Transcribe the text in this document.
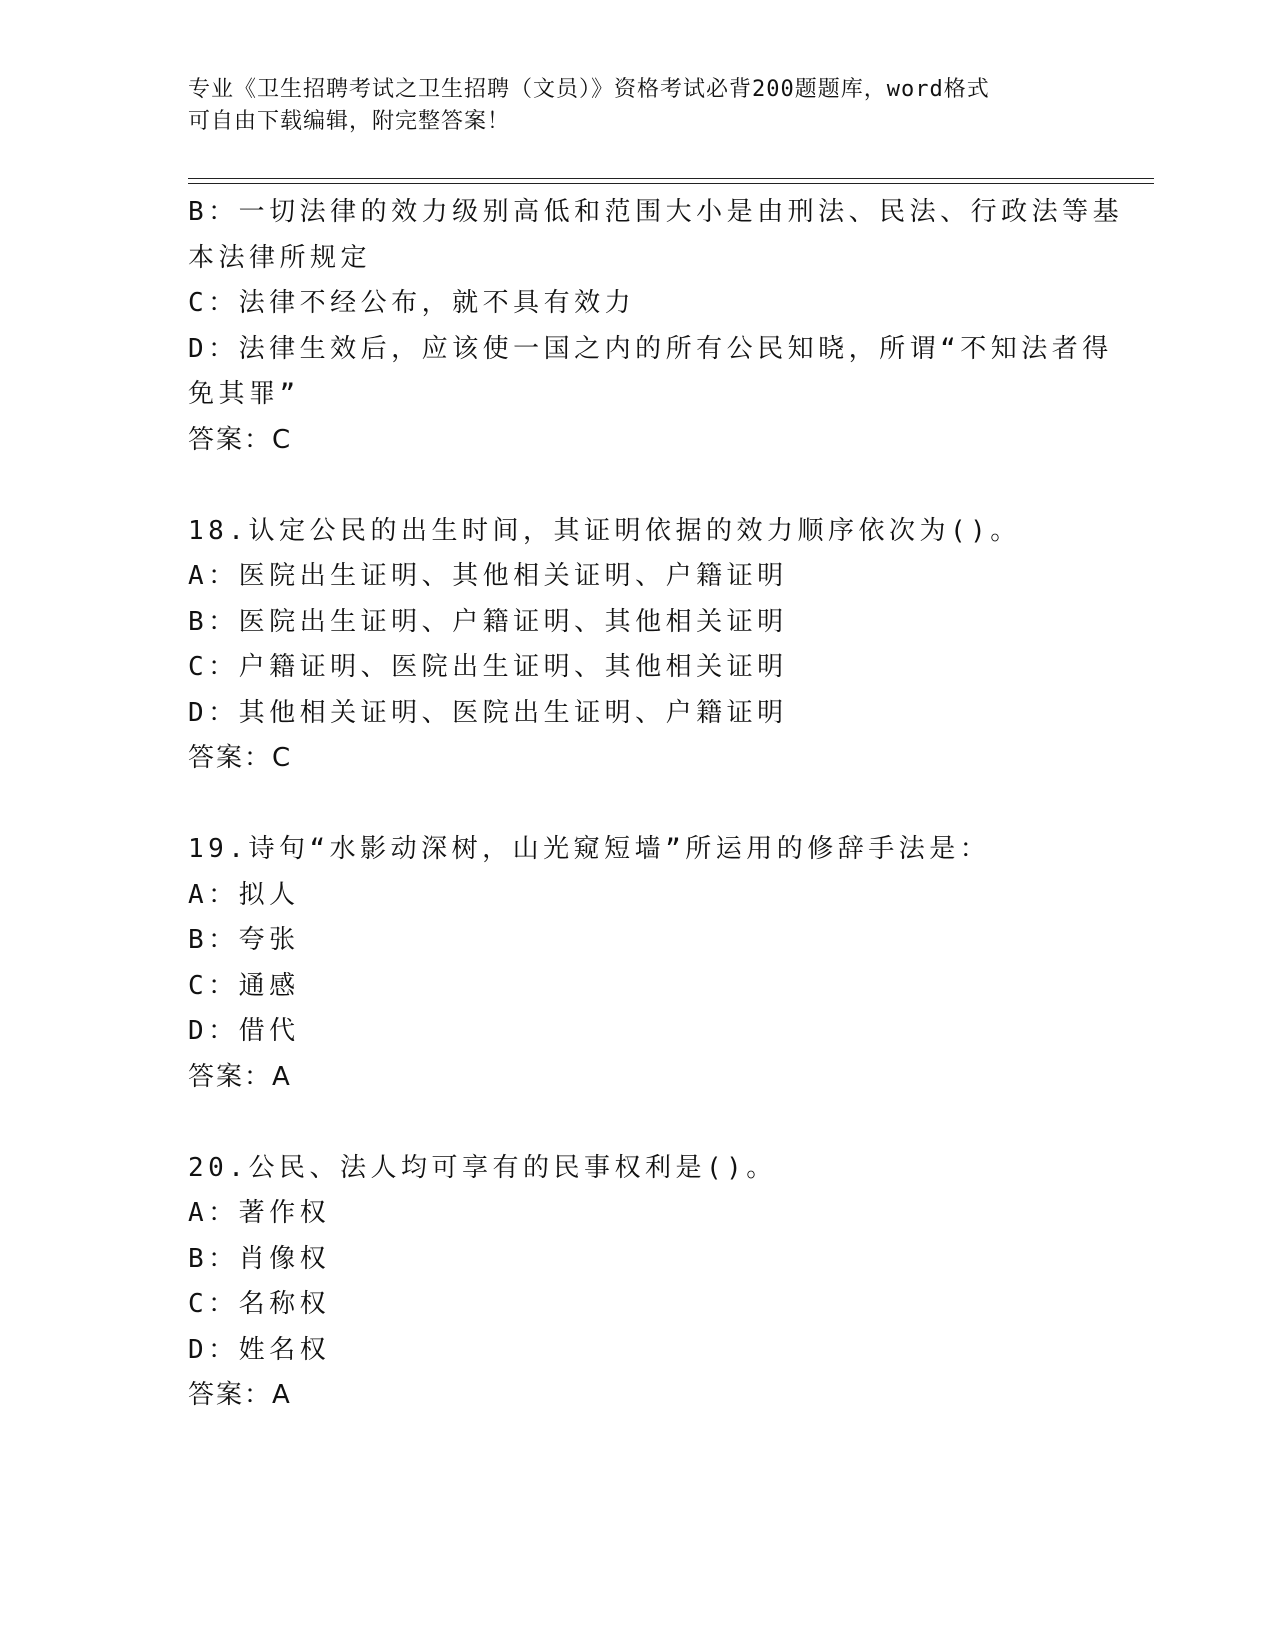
专业《卫生招聘考试之卫生招聘（文员）》资格考试必背200题题库，word格式
可自由下载编辑，附完整答案！
B：一切法律的效力级别高低和范围大小是由刑法、民法、行政法等基
本法律所规定
C：法律不经公布，就不具有效力
D：法律生效后，应该使一国之内的所有公民知晓，所谓“不知法者得
免其罪”
答案：C
18.认定公民的出生时间，其证明依据的效力顺序依次为()。
A：医院出生证明、其他相关证明、户籍证明
B：医院出生证明、户籍证明、其他相关证明
C：户籍证明、医院出生证明、其他相关证明
D：其他相关证明、医院出生证明、户籍证明
答案：C
19.诗句“水影动深树，山光窥短墙”所运用的修辞手法是：
A：拟人
B：夸张
C：通感
D：借代
答案：A
20.公民、法人均可享有的民事权利是()。
A：著作权
B：肖像权
C：名称权
D：姓名权
答案：A
